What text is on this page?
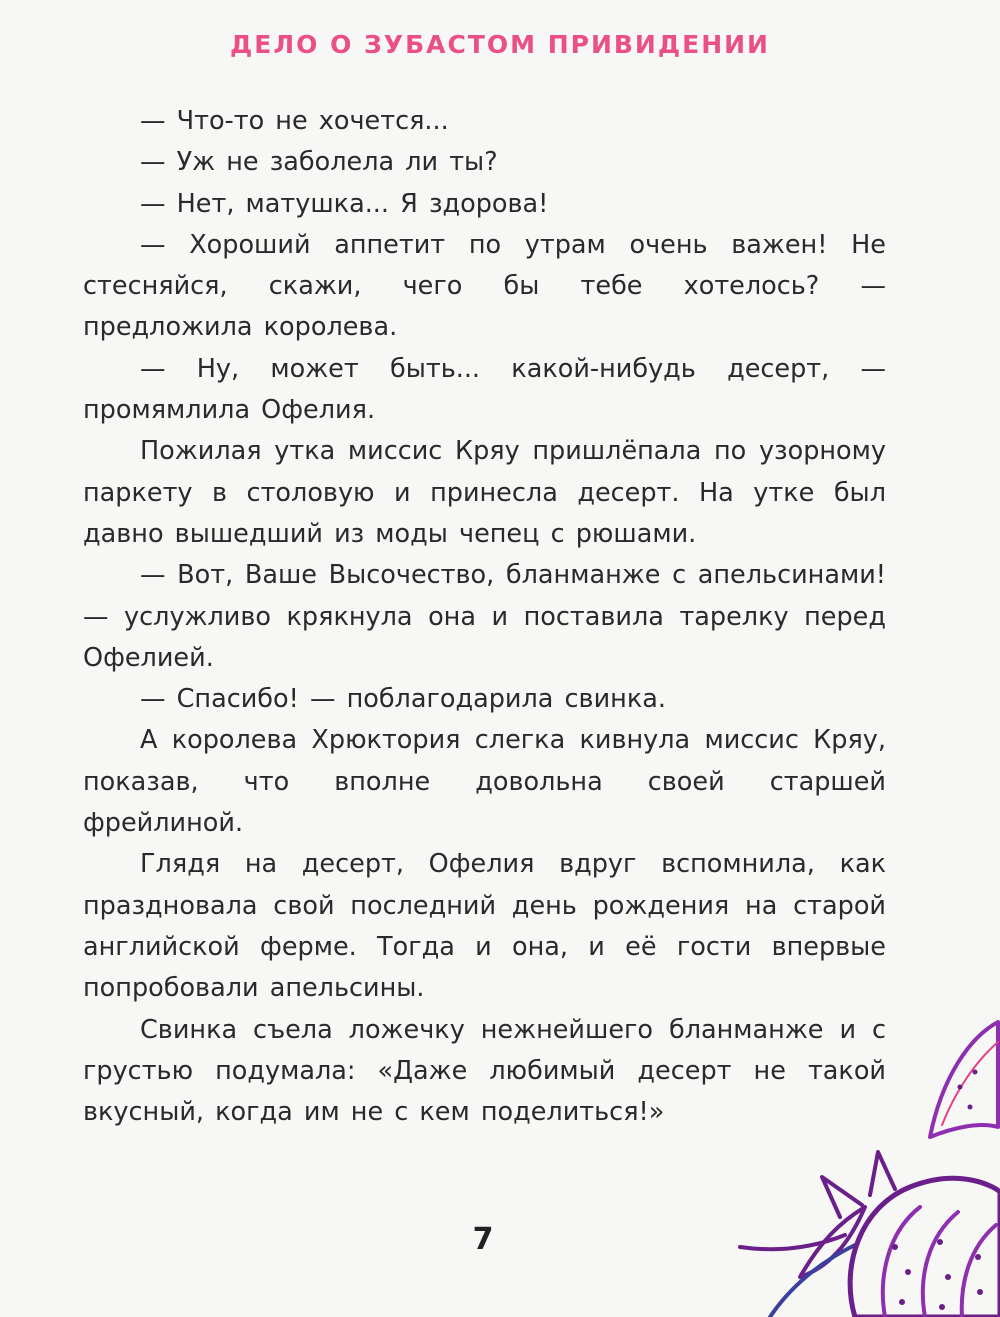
ДЕЛО О ЗУБАСТОМ ПРИВИДЕНИИ

— Что-то не хочется...

— Уж не заболела ли ты?

— Нет, матушка... Я здорова!

— Хороший аппетит по утрам очень важен! Не стесняйся, скажи, чего бы тебе хотелось? — предложила королева.

— Ну, может быть... какой-нибудь десерт, — промямлила Офелия.

Пожилая утка миссис Кряу пришлёпала по узорному паркету в столовую и принесла десерт. На утке был давно вышедший из моды чепец с рюшами.

— Вот, Ваше Высочество, бланманже с апельсинами! — услужливо крякнула она и поставила тарелку перед Офелией.

— Спасибо! — поблагодарила свинка.

А королева Хрюктория слегка кивнула миссис Кряу, показав, что вполне довольна своей старшей фрейлиной.

Глядя на десерт, Офелия вдруг вспомнила, как праздновала свой последний день рождения на старой английской ферме. Тогда и она, и её гости впервые попробовали апельсины.

Свинка съела ложечку нежнейшего бланманже и с грустью подумала: «Даже любимый десерт не такой вкусный, когда им не с кем поделиться!»

7
